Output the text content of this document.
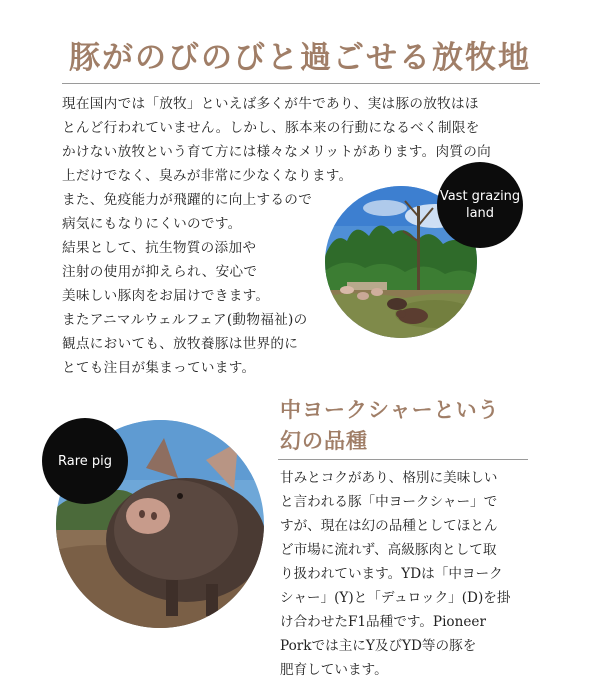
豚がのびのびと過ごせる放牧地
現在国内では「放牧」といえば多くが牛であり、実は豚の放牧はほ
とんど行われていません。しかし、豚本来の行動になるべく制限を
かけない放牧という育て方には様々なメリットがあります。肉質の向
上だけでなく、臭みが非常に少なくなります。
また、免疫能力が飛躍的に向上するので
病気にもなりにくいのです。
結果として、抗生物質の添加や
注射の使用が抑えられ、安心で
美味しい豚肉をお届けできます。
またアニマルウェルフェア(動物福祉)の
観点においても、放牧養豚は世界的に
とても注目が集まっています。
Vast grazing
land
中ヨークシャーという
幻の品種
Rare pig
甘みとコクがあり、格別に美味しい
と言われる豚「中ヨークシャー」で
すが、現在は幻の品種としてほとん
ど市場に流れず、高級豚肉として取
り扱われています。YDは「中ヨーク
シャー」(Y)と「デュロック」(D)を掛
け合わせたF1品種です。Pioneer
Porkでは主にY及びYD等の豚を
肥育しています。
